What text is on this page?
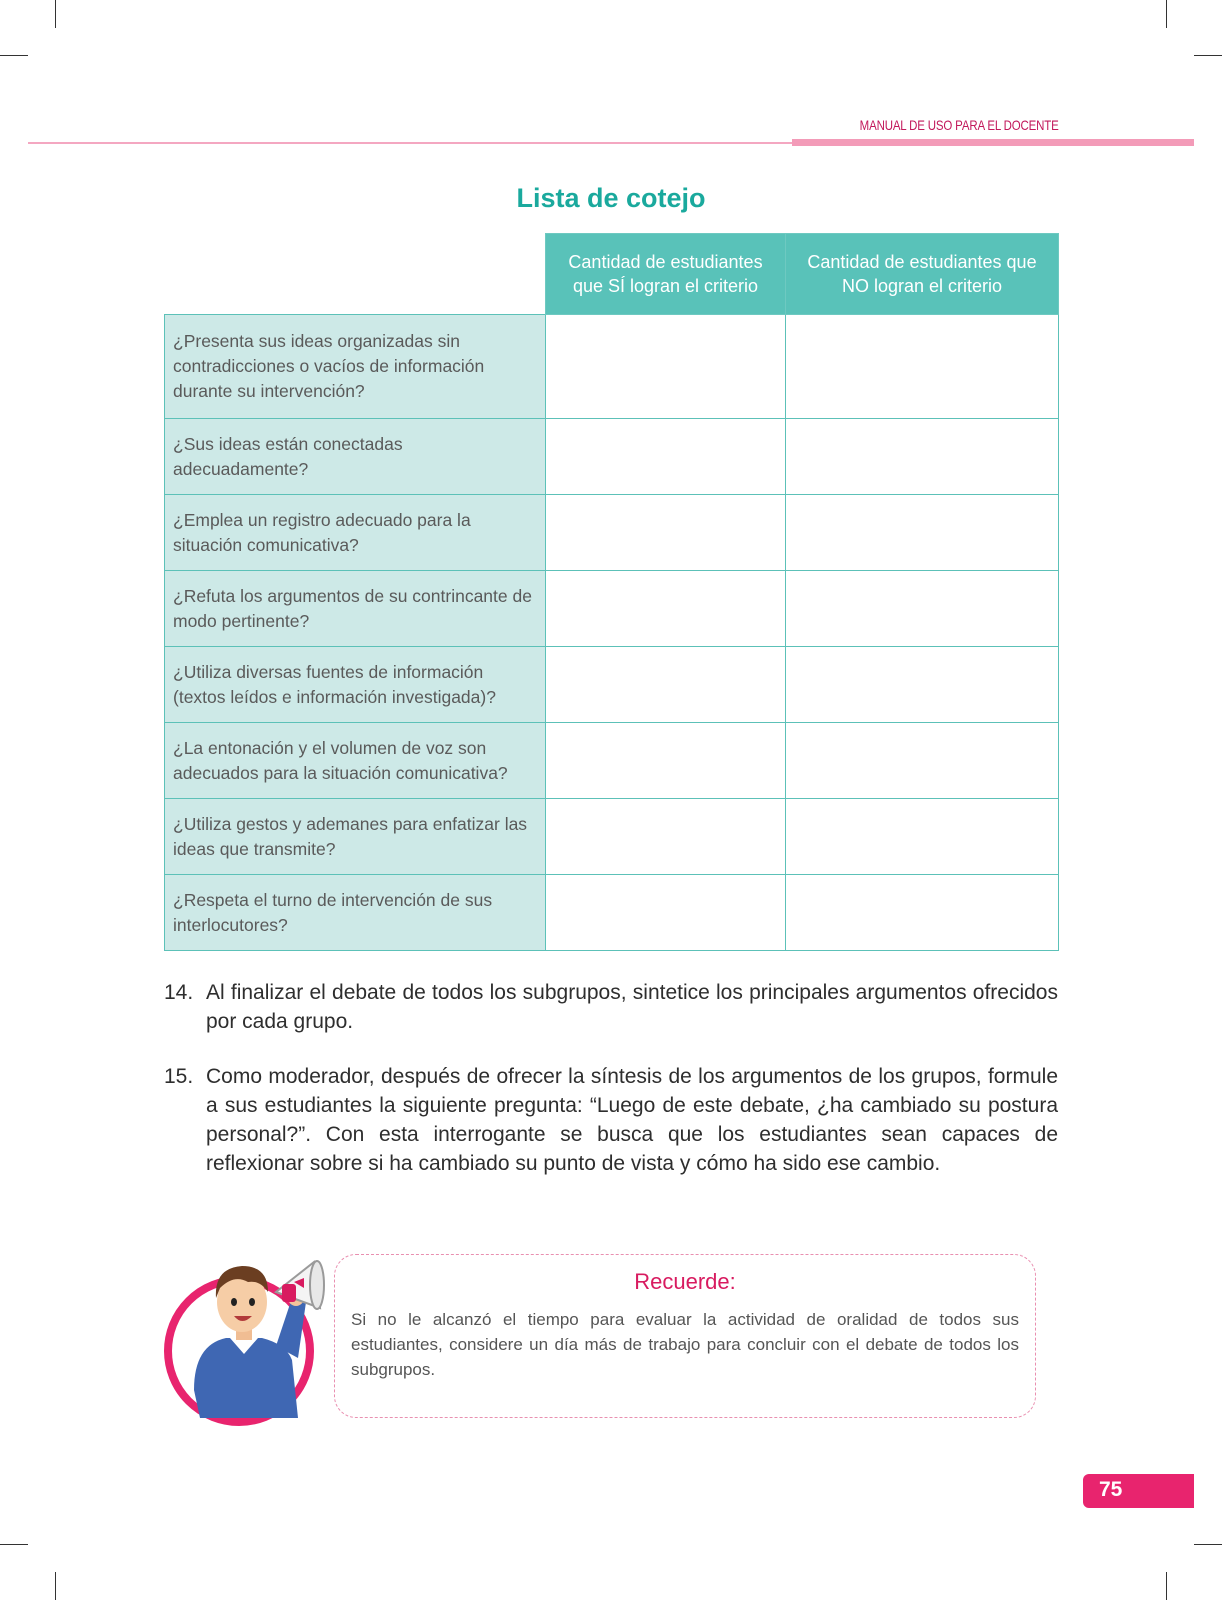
MANUAL DE USO PARA EL DOCENTE
Lista de cotejo
	Cantidad de estudiantes que SÍ logran el criterio	Cantidad de estudiantes que NO logran el criterio
¿Presenta sus ideas organizadas sin contradicciones o vacíos de información durante su intervención?		
¿Sus ideas están conectadas adecuadamente?		
¿Emplea un registro adecuado para la situación comunicativa?		
¿Refuta los argumentos de su contrincante de modo pertinente?		
¿Utiliza diversas fuentes de información (textos leídos e información investigada)?		
¿La entonación y el volumen de voz son adecuados para la situación comunicativa?		
¿Utiliza gestos y ademanes para enfatizar las ideas que transmite?		
¿Respeta el turno de intervención de sus interlocutores?		
14. Al finalizar el debate de todos los subgrupos, sintetice los principales argumentos ofrecidos por cada grupo.
15. Como moderador, después de ofrecer la síntesis de los argumentos de los grupos, formule a sus estudiantes la siguiente pregunta: “Luego de este debate, ¿ha cambiado su postura personal?”. Con esta interrogante se busca que los estudiantes sean capaces de reflexionar sobre si ha cambiado su punto de vista y cómo ha sido ese cambio.
Recuerde:
Si no le alcanzó el tiempo para evaluar la actividad de oralidad de todos sus estudiantes, considere un día más de trabajo para concluir con el debate de todos los subgrupos.
75
